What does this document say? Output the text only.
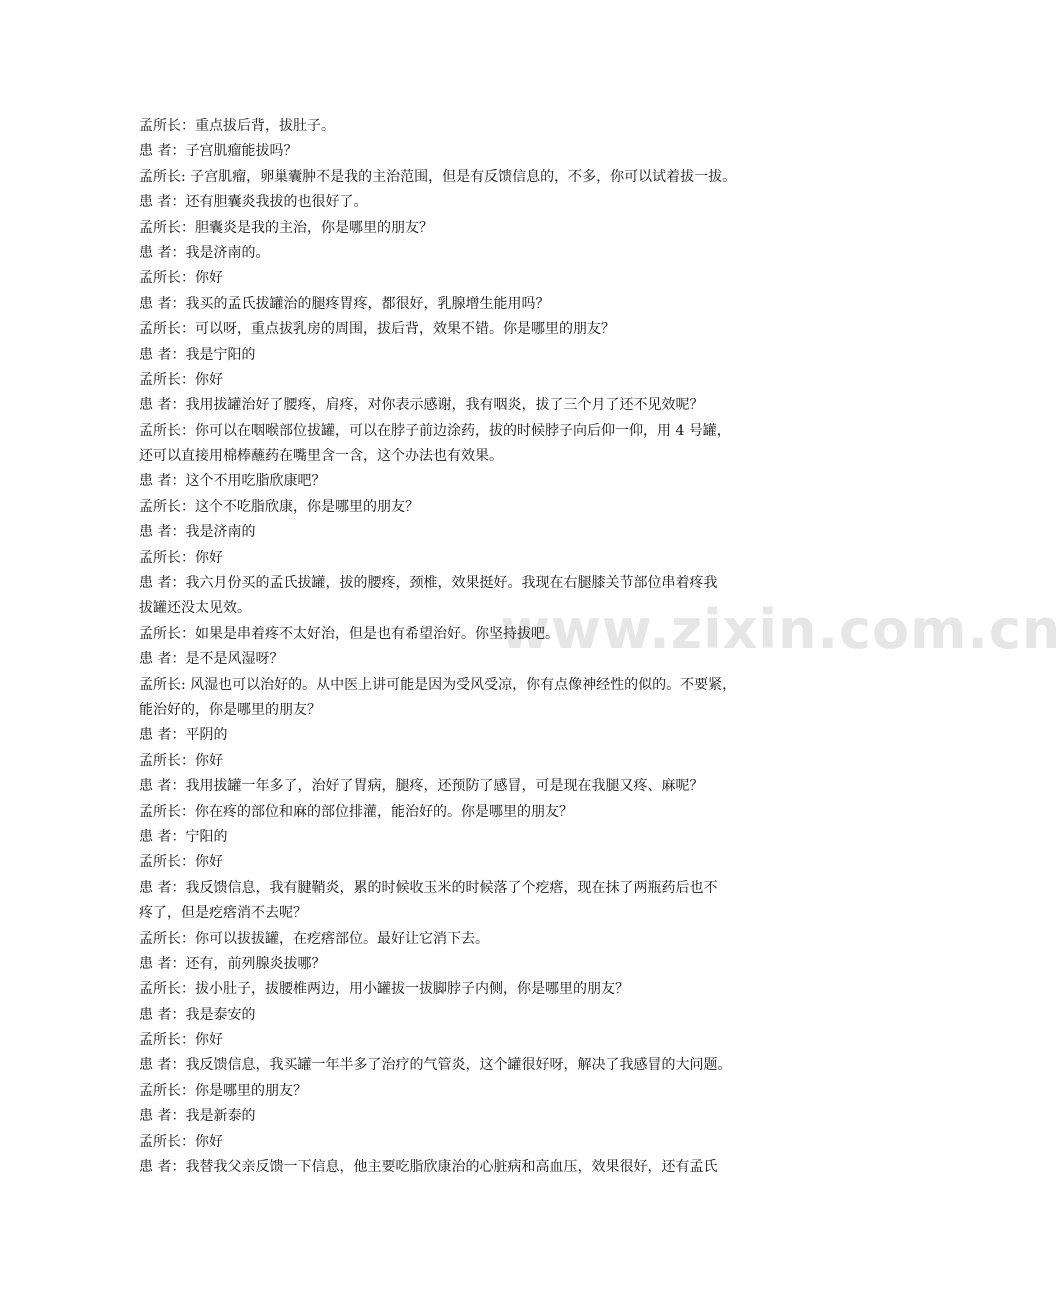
www.zixin.com.cn
孟所长：重点拔后背，拔肚子。
患 者：子宫肌瘤能拔吗？
孟所长: 子宫肌瘤，卵巢囊肿不是我的主治范围，但是有反馈信息的，不多，你可以试着拔一拔。
患 者：还有胆囊炎我拔的也很好了。
孟所长：胆囊炎是我的主治，你是哪里的朋友？
患 者：我是济南的。
孟所长：你好
患 者：我买的孟氏拔罐治的腿疼胃疼，都很好，乳腺增生能用吗？
孟所长：可以呀，重点拔乳房的周围，拔后背，效果不错。你是哪里的朋友？
患 者：我是宁阳的
孟所长：你好
患 者：我用拔罐治好了腰疼，肩疼，对你表示感谢，我有咽炎，拔了三个月了还不见效呢？
孟所长：你可以在咽喉部位拔罐，可以在脖子前边涂药，拔的时候脖子向后仰一仰，用 4 号罐，
还可以直接用棉棒蘸药在嘴里含一含，这个办法也有效果。
患 者：这个不用吃脂欣康吧？
孟所长：这个不吃脂欣康，你是哪里的朋友？
患 者：我是济南的
孟所长：你好
患 者：我六月份买的孟氏拔罐，拔的腰疼，颈椎，效果挺好。我现在右腿膝关节部位串着疼我
拔罐还没太见效。
孟所长：如果是串着疼不太好治，但是也有希望治好。你坚持拔吧。
患 者：是不是风湿呀？
孟所长: 风湿也可以治好的。从中医上讲可能是因为受风受凉，你有点像神经性的似的。不要紧，
能治好的，你是哪里的朋友？
患 者：平阴的
孟所长：你好
患 者：我用拔罐一年多了，治好了胃病，腿疼，还预防了感冒，可是现在我腿又疼、麻呢？
孟所长：你在疼的部位和麻的部位排灌，能治好的。你是哪里的朋友？
患 者：宁阳的
孟所长：你好
患 者：我反馈信息，我有腱鞘炎，累的时候收玉米的时候落了个疙瘩，现在抹了两瓶药后也不
疼了，但是疙瘩消不去呢？
孟所长：你可以拔拔罐，在疙瘩部位。最好让它消下去。
患 者：还有，前列腺炎拔哪？
孟所长：拔小肚子，拔腰椎两边，用小罐拔一拔脚脖子内侧，你是哪里的朋友？
患 者：我是泰安的
孟所长：你好
患 者：我反馈信息，我买罐一年半多了治疗的气管炎，这个罐很好呀，解决了我感冒的大问题。
孟所长：你是哪里的朋友？
患 者：我是新泰的
孟所长：你好
患 者：我替我父亲反馈一下信息，他主要吃脂欣康治的心脏病和高血压，效果很好，还有孟氏
